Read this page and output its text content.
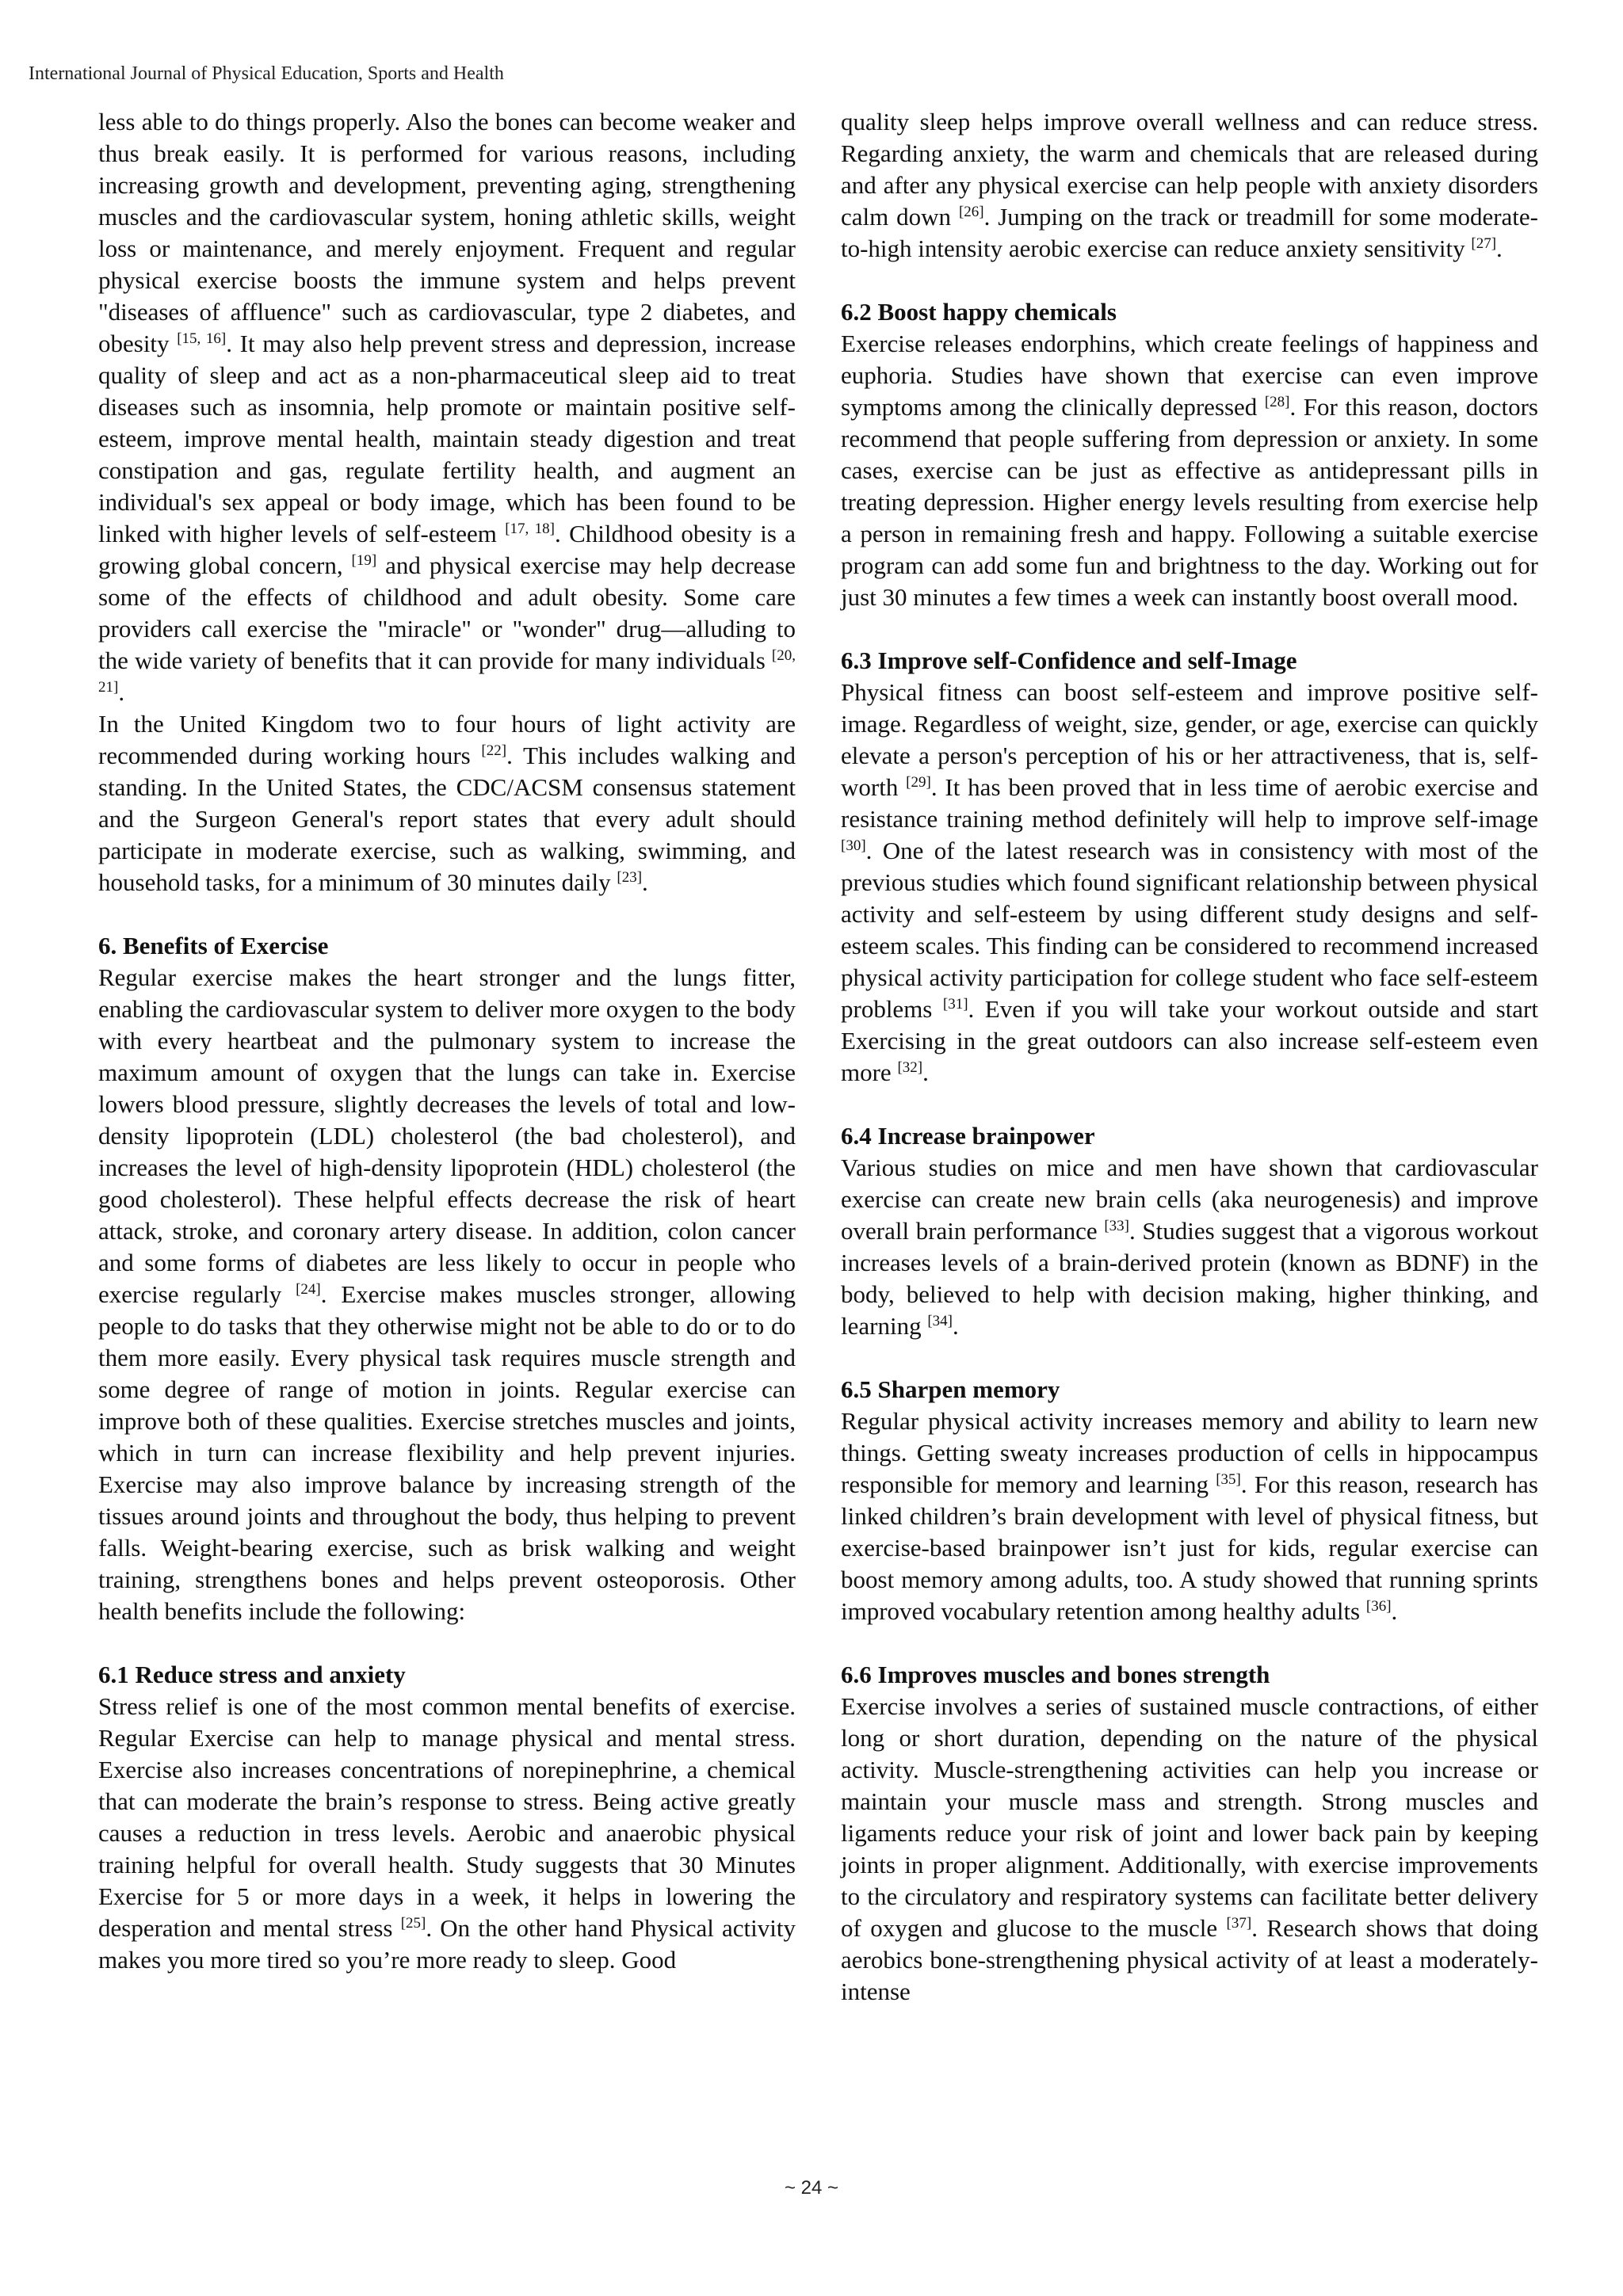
International Journal of Physical Education, Sports and Health

less able to do things properly. Also the bones can become weaker and thus break easily. It is performed for various reasons, including increasing growth and development, preventing aging, strengthening muscles and the cardiovascular system, honing athletic skills, weight loss or maintenance, and merely enjoyment. Frequent and regular physical exercise boosts the immune system and helps prevent "diseases of affluence" such as cardiovascular, type 2 diabetes, and obesity [15, 16]. It may also help prevent stress and depression, increase quality of sleep and act as a non-pharmaceutical sleep aid to treat diseases such as insomnia, help promote or maintain positive self-esteem, improve mental health, maintain steady digestion and treat constipation and gas, regulate fertility health, and augment an individual's sex appeal or body image, which has been found to be linked with higher levels of self-esteem [17, 18]. Childhood obesity is a growing global concern, [19] and physical exercise may help decrease some of the effects of childhood and adult obesity. Some care providers call exercise the "miracle" or "wonder" drug—alluding to the wide variety of benefits that it can provide for many individuals [20, 21].

In the United Kingdom two to four hours of light activity are recommended during working hours [22]. This includes walking and standing. In the United States, the CDC/ACSM consensus statement and the Surgeon General's report states that every adult should participate in moderate exercise, such as walking, swimming, and household tasks, for a minimum of 30 minutes daily [23].

6. Benefits of Exercise

Regular exercise makes the heart stronger and the lungs fitter, enabling the cardiovascular system to deliver more oxygen to the body with every heartbeat and the pulmonary system to increase the maximum amount of oxygen that the lungs can take in. Exercise lowers blood pressure, slightly decreases the levels of total and low-density lipoprotein (LDL) cholesterol (the bad cholesterol), and increases the level of high-density lipoprotein (HDL) cholesterol (the good cholesterol). These helpful effects decrease the risk of heart attack, stroke, and coronary artery disease. In addition, colon cancer and some forms of diabetes are less likely to occur in people who exercise regularly [24]. Exercise makes muscles stronger, allowing people to do tasks that they otherwise might not be able to do or to do them more easily. Every physical task requires muscle strength and some degree of range of motion in joints. Regular exercise can improve both of these qualities. Exercise stretches muscles and joints, which in turn can increase flexibility and help prevent injuries. Exercise may also improve balance by increasing strength of the tissues around joints and throughout the body, thus helping to prevent falls. Weight-bearing exercise, such as brisk walking and weight training, strengthens bones and helps prevent osteoporosis. Other health benefits include the following:

6.1 Reduce stress and anxiety

Stress relief is one of the most common mental benefits of exercise. Regular Exercise can help to manage physical and mental stress. Exercise also increases concentrations of norepinephrine, a chemical that can moderate the brain’s response to stress. Being active greatly causes a reduction in tress levels. Aerobic and anaerobic physical training helpful for overall health. Study suggests that 30 Minutes Exercise for 5 or more days in a week, it helps in lowering the desperation and mental stress [25]. On the other hand Physical activity makes you more tired so you’re more ready to sleep. Good

quality sleep helps improve overall wellness and can reduce stress. Regarding anxiety, the warm and chemicals that are released during and after any physical exercise can help people with anxiety disorders calm down [26]. Jumping on the track or treadmill for some moderate-to-high intensity aerobic exercise can reduce anxiety sensitivity [27].

6.2 Boost happy chemicals

Exercise releases endorphins, which create feelings of happiness and euphoria. Studies have shown that exercise can even improve symptoms among the clinically depressed [28]. For this reason, doctors recommend that people suffering from depression or anxiety. In some cases, exercise can be just as effective as antidepressant pills in treating depression. Higher energy levels resulting from exercise help a person in remaining fresh and happy. Following a suitable exercise program can add some fun and brightness to the day. Working out for just 30 minutes a few times a week can instantly boost overall mood.

6.3 Improve self-Confidence and self-Image

Physical fitness can boost self-esteem and improve positive self-image. Regardless of weight, size, gender, or age, exercise can quickly elevate a person's perception of his or her attractiveness, that is, self-worth [29]. It has been proved that in less time of aerobic exercise and resistance training method definitely will help to improve self-image [30]. One of the latest research was in consistency with most of the previous studies which found significant relationship between physical activity and self-esteem by using different study designs and self-esteem scales. This finding can be considered to recommend increased physical activity participation for college student who face self-esteem problems [31]. Even if you will take your workout outside and start Exercising in the great outdoors can also increase self-esteem even more [32].

6.4 Increase brainpower

Various studies on mice and men have shown that cardiovascular exercise can create new brain cells (aka neurogenesis) and improve overall brain performance [33]. Studies suggest that a vigorous workout increases levels of a brain-derived protein (known as BDNF) in the body, believed to help with decision making, higher thinking, and learning [34].

6.5 Sharpen memory

Regular physical activity increases memory and ability to learn new things. Getting sweaty increases production of cells in hippocampus responsible for memory and learning [35]. For this reason, research has linked children’s brain development with level of physical fitness, but exercise-based brainpower isn’t just for kids, regular exercise can boost memory among adults, too. A study showed that running sprints improved vocabulary retention among healthy adults [36].

6.6 Improves muscles and bones strength

Exercise involves a series of sustained muscle contractions, of either long or short duration, depending on the nature of the physical activity. Muscle-strengthening activities can help you increase or maintain your muscle mass and strength. Strong muscles and ligaments reduce your risk of joint and lower back pain by keeping joints in proper alignment. Additionally, with exercise improvements to the circulatory and respiratory systems can facilitate better delivery of oxygen and glucose to the muscle [37]. Research shows that doing aerobics bone-strengthening physical activity of at least a moderately-intense

~ 24 ~
